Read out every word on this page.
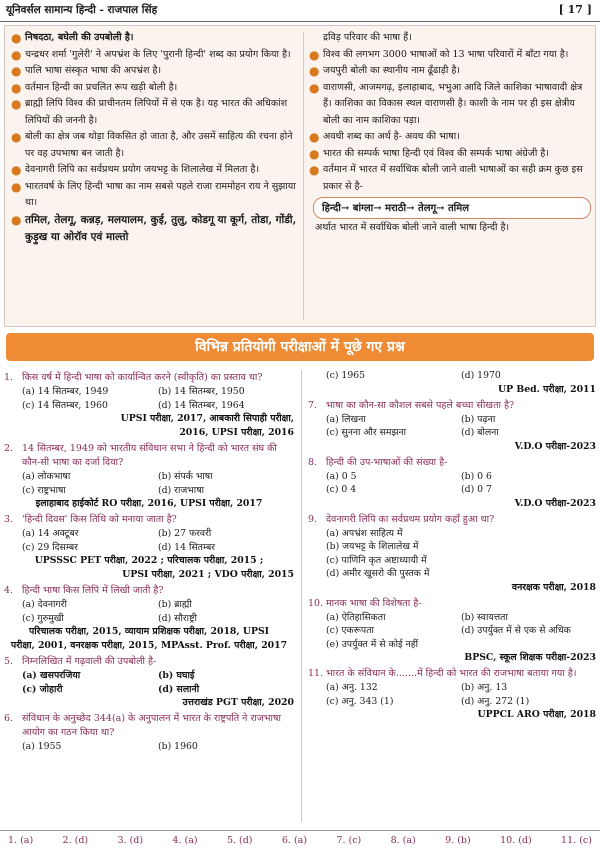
यूनिवर्सल सामान्य हिन्दी - राजपाल सिंह	[ 17 ]
● निषदठा, बघेली की उपबोली है।
● चन्द्रधर शर्मा 'गुलेरी' ने अपभ्रंश के लिए 'पुरानी हिन्दी' शब्द का प्रयोग किया है।
● पालि भाषा संस्कृत भाषा की अपभ्रंश है।
● वर्तमान हिन्दी का प्रचलित रूप खड़ी बोली है।
● ब्राह्मी लिपि विश्व की प्राचीनतम लिपियों में से एक है। यह भारत की अधिकांश लिपियों की जननी है।
● बोली का क्षेत्र जब थोड़ा विकसित हो जाता है, और उसमें साहित्य की रचना होने पर वह उपभाषा बन जाती है।
● देवनागरी लिपि का सर्वप्रथम प्रयोग जयभट्ट के शिलालेख में मिलता है।
● भारतवर्ष के लिए हिन्दी भाषा का नाम सबसे पहले राजा राममोहन राय ने सुझाया था।
● तमिल, तेलगू, कन्नड़, मलयालम, कुई, तुलु, कोडगू या कूर्ग, तोडा, गोंडी, कुड़ुख या ओरॉव एवं माल्तो
द्रविड़ परिवार की भाषा हैं।
● विश्व की लगभग 3000 भाषाओं को 13 भाषा परिवारों में बाँटा गया है।
● जयपुरी बोली का स्थानीय नाम ढूँढाड़ी है।
● वाराणसी, आजमगढ़, इलाहाबाद, भभुआ आदि जिले काशिका भाषावादी क्षेत्र हैं। काशिका का विकास स्थल वाराणसी है। काशी के नाम पर ही इस क्षेत्रीय बोली का नाम काशिका पड़ा।
● अवधी शब्द का अर्थ है- अवध की भाषा।
● भारत की सम्पर्क भाषा हिन्दी एवं विश्व की सम्पर्क भाषा अंग्रेजी है।
● वर्तमान में भारत में सर्वाधिक बोली जाने वाली भाषाओं का सही क्रम कुछ इस प्रकार से है-
हिन्दी→ बांग्ला→ मराठी→ तेलगू→ तमिल
अर्थात भारत में सर्वाधिक बोली जाने वाली भाषा हिन्दी है।
विभिन्न प्रतियोगी परीक्षाओं में पूछे गए प्रश्न
1. किस वर्ष में हिन्दी भाषा को कार्यान्वित करने (स्वीकृति) का प्रस्ताव था?
(a) 14 सितम्बर, 1949	(b) 14 सितम्बर, 1950
(c) 14 सितम्बर, 1960	(d) 14 सितम्बर, 1964
UPSI परीक्षा, 2017, आबकारी सिपाही परीक्षा,
2016, UPSI परीक्षा, 2016
2. 14 सितम्बर, 1949 को भारतीय संविधान सभा ने हिन्दी को भारत संघ की कौन-सी भाषा का दर्जा दिया?
(a) लोकभाषा	(b) संपर्क भाषा
(c) राष्ट्रभाषा	(d) राजभाषा
इलाहाबाद हाईकोर्ट RO परीक्षा, 2016, UPSI परीक्षा, 2017
3. 'हिन्दी दिवस' किस तिथि को मनाया जाता है?
(a) 14 अक्टूबर	(b) 27 फरवरी
(c) 29 दिसम्बर	(d) 14 सितम्बर
UPSSSC PET परीक्षा, 2022 ; परिचालक परीक्षा, 2015 ;
UPSI परीक्षा, 2021 ; VDO परीक्षा, 2015
4. हिन्दी भाषा किस लिपि में लिखी जाती है?
(a) देवनागरी	(b) ब्राह्मी
(c) गुरुमुखी	(d) सौराष्ट्री
परिचालक परीक्षा, 2015, व्यायाम प्रशिक्षक परीक्षा, 2018, UPSI
परीक्षा, 2001, वनरक्षक परीक्षा, 2015, MPAsst. Prof. परीक्षा, 2017
5. निम्नलिखित में गढ़वाली की उपबोली है-
(a) खसपरजिया	(b) घघाई
(c) जोहारी	(d) सलानी
उत्तराखंड PGT परीक्षा, 2020
6. संविधान के अनुच्छेद 344(a) के अनुपालन में भारत के राष्ट्रपति ने राजभाषा आयोग का गठन किया था?
(a) 1955	(b) 1960
(c) 1965	(d) 1970
UP Bed. परीक्षा, 2011
7. भाषा का कौन-सा कौशल सबसे पहले बच्चा सीखता है?
(a) लिखना	(b) पढ़ना
(c) सुनना और समझना	(d) बोलना
V.D.O परीक्षा-2023
8. हिन्दी की उप-भाषाओं की संख्या है-
(a) 0 5	(b) 0 6
(c) 0 4	(d) 0 7
V.D.O परीक्षा-2023
9. देवनागरी लिपि का सर्वप्रथम प्रयोग कहाँ हुआ था?
(a) अपभ्रंश साहित्य में
(b) जयभट्ट के शिलालेख में
(c) पाणिनि कृत अष्टाध्यायी में
(d) अमीर खुसरो की पुस्तक में
वनरक्षक परीक्षा, 2018
10. मानक भाषा की विशेषता है-
(a) ऐतिहासिकता	(b) स्वायत्तता
(c) एकरूपता	(d) उपर्युक्त में से एक से अधिक
(e) उपर्युक्त में से कोई नहीं
BPSC, स्कूल शिक्षक परीक्षा-2023
11. भारत के संविधान के.......में हिन्दी को भारत की राजभाषा बताया गया है।
(a) अनु. 132	(b) अनु. 13
(c) अनु. 343 (1)	(d) अनु. 272 (1)
UPPCL ARO परीक्षा, 2018
1. (a)	2. (d)	3. (d)	4. (a)	5. (d)	6. (a)	7. (c)	8. (a)	9. (b)	10. (d)	11. (c)
